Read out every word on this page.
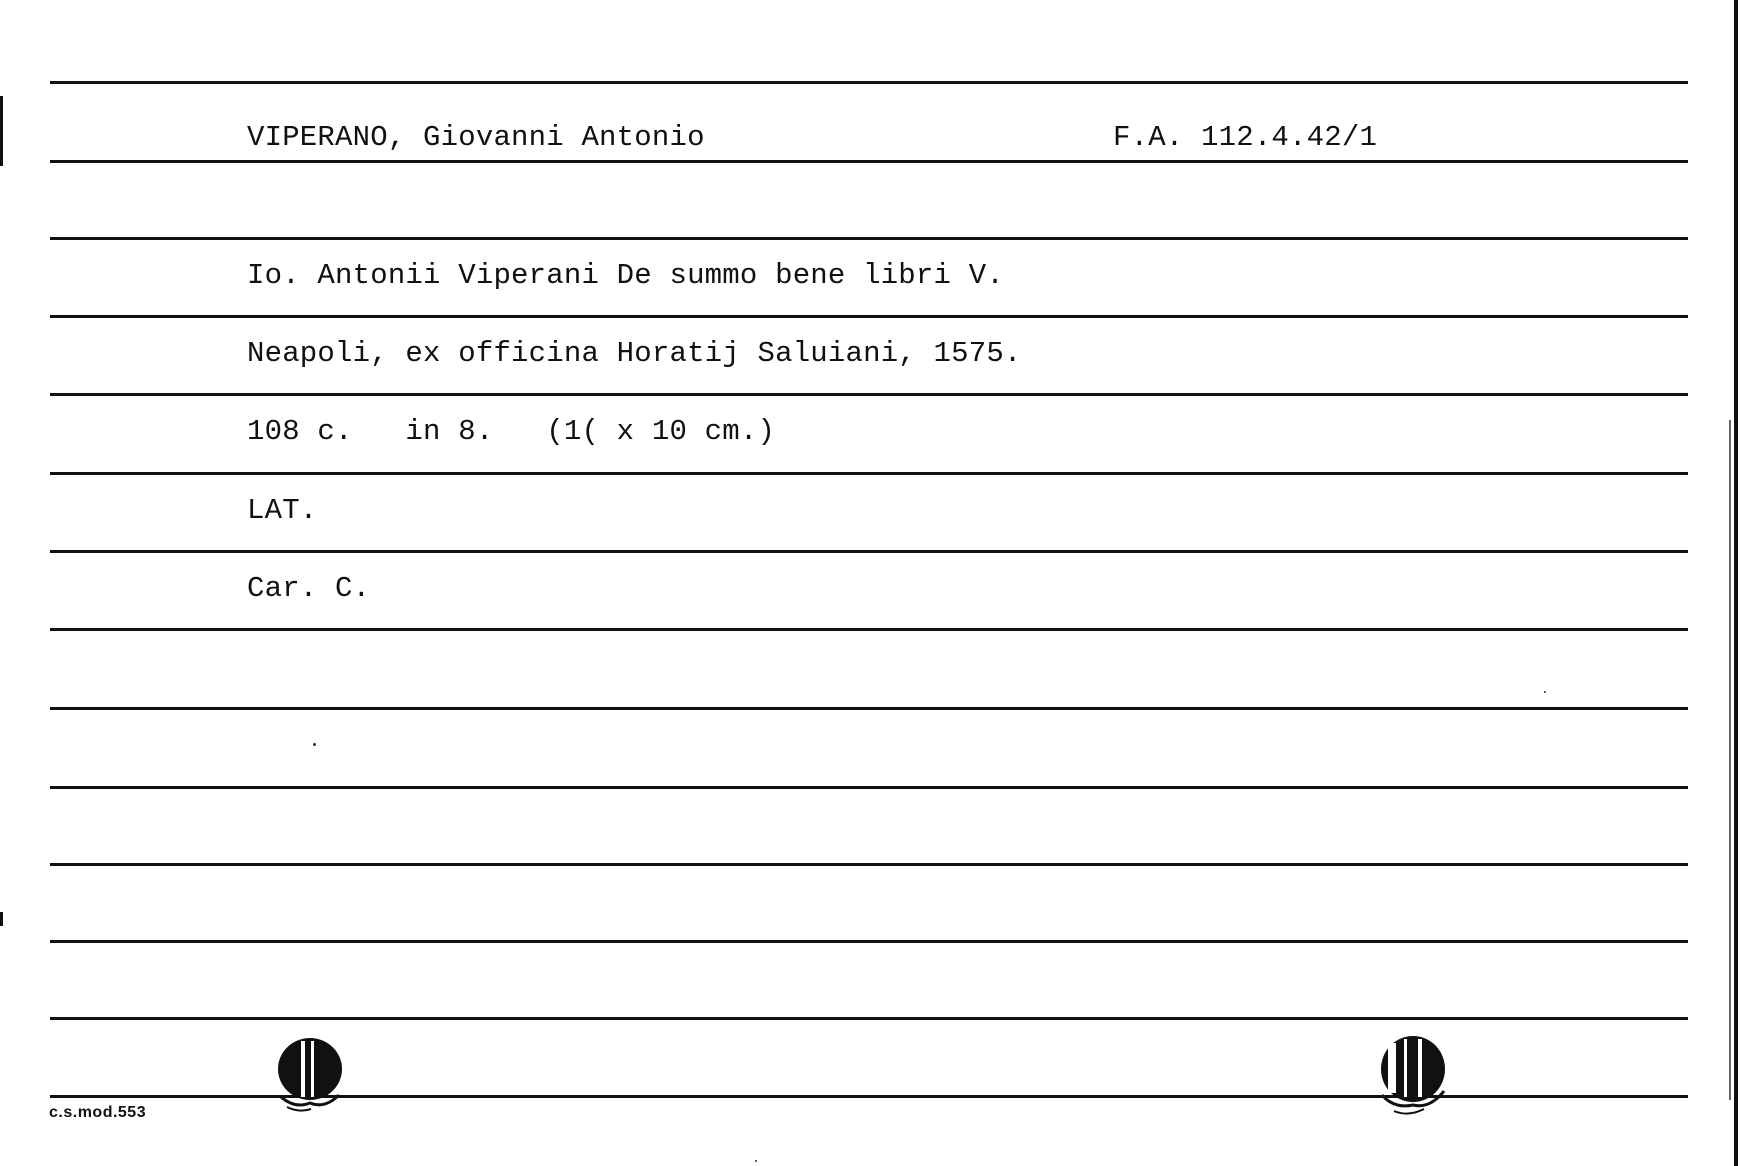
VIPERANO, Giovanni Antonio	F.A. 112.4.42/1
Io. Antonii Viperani De summo bene libri V.
Neapoli, ex officina Horatij Saluiani, 1575.
108 c.   in 8.   (1( x 10 cm.)
LAT.
Car. C.
c.s.mod.553
